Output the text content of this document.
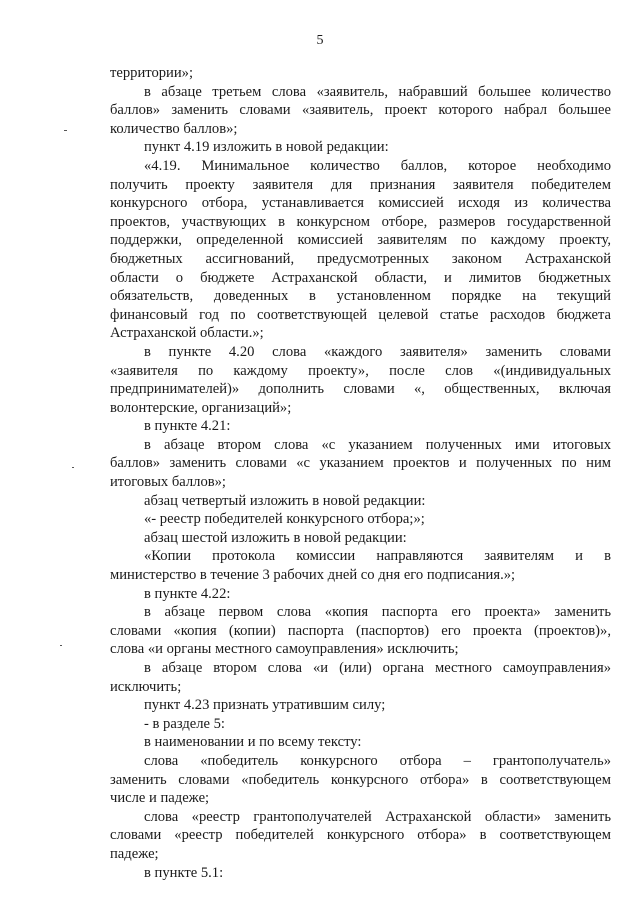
5
территории»;
в абзаце третьем слова «заявитель, набравший большее количество
баллов» заменить словами «заявитель, проект которого набрал большее
количество баллов»;
пункт 4.19 изложить в новой редакции:
«4.19. Минимальное количество баллов, которое необходимо
получить проекту заявителя для признания заявителя победителем
конкурсного отбора, устанавливается комиссией исходя из количества
проектов, участвующих в конкурсном отборе, размеров государственной
поддержки, определенной комиссией заявителям по каждому проекту,
бюджетных ассигнований, предусмотренных законом Астраханской
области о бюджете Астраханской области, и лимитов бюджетных
обязательств, доведенных в установленном порядке на текущий
финансовый год по соответствующей целевой статье расходов бюджета
Астраханской области.»;
в пункте 4.20 слова «каждого заявителя» заменить словами
«заявителя по каждому проекту», после слов «(индивидуальных
предпринимателей)» дополнить словами «, общественных, включая
волонтерские, организаций»;
в пункте 4.21:
в абзаце втором слова «с указанием полученных ими итоговых
баллов» заменить словами «с указанием проектов и полученных по ним
итоговых баллов»;
абзац четвертый изложить в новой редакции:
«- реестр победителей конкурсного отбора;»;
абзац шестой изложить в новой редакции:
«Копии протокола комиссии направляются заявителям и в
министерство в течение 3 рабочих дней со дня его подписания.»;
в пункте 4.22:
в абзаце первом слова «копия паспорта его проекта» заменить
словами «копия (копии) паспорта (паспортов) его проекта (проектов)»,
слова «и органы местного самоуправления» исключить;
в абзаце втором слова «и (или) органа местного самоуправления»
исключить;
пункт 4.23 признать утратившим силу;
- в разделе 5:
в наименовании и по всему тексту:
слова «победитель конкурсного отбора – грантополучатель»
заменить словами «победитель конкурсного отбора» в соответствующем
числе и падеже;
слова «реестр грантополучателей Астраханской области» заменить
словами «реестр победителей конкурсного отбора» в соответствующем
падеже;
в пункте 5.1:
